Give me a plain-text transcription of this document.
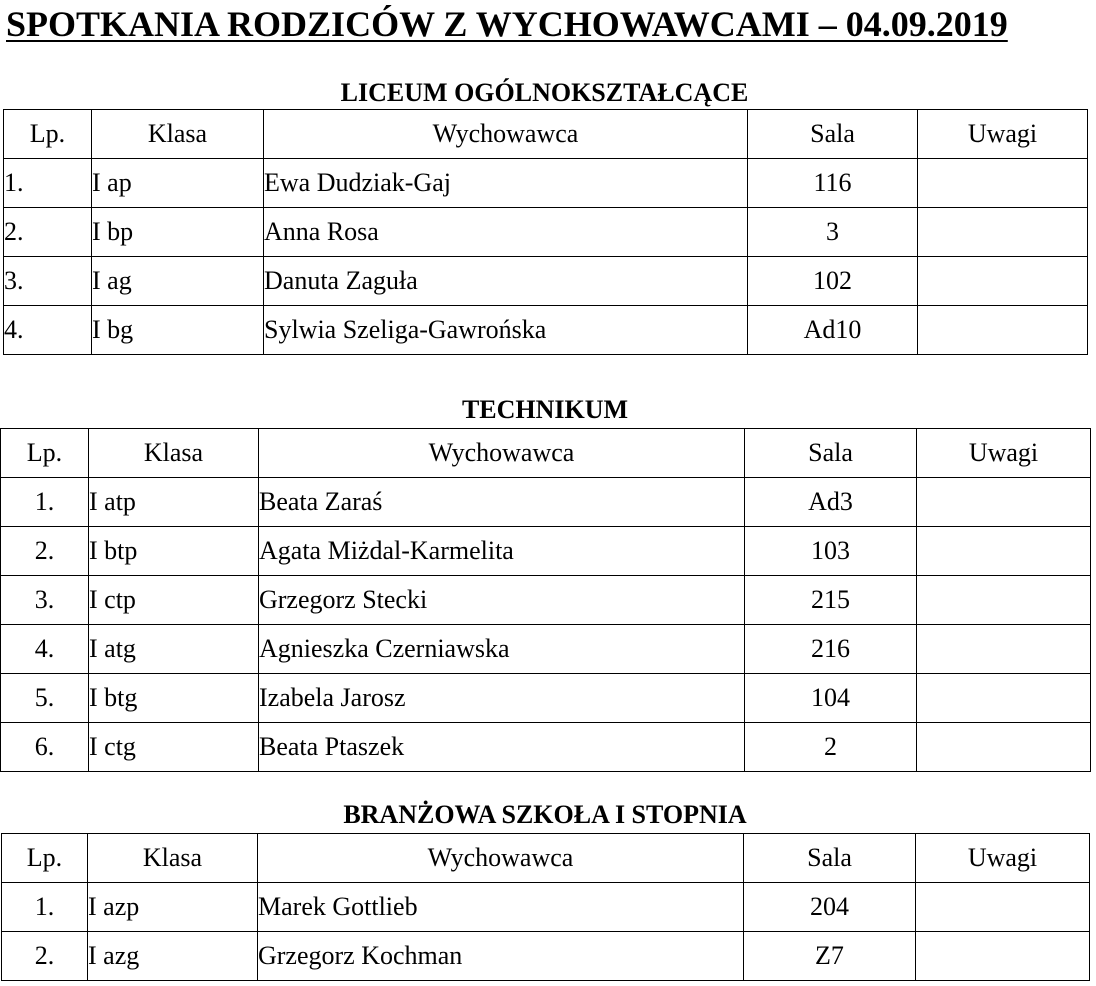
SPOTKANIA RODZICÓW Z WYCHOWAWCAMI – 04.09.2019
LICEUM OGÓLNOKSZTAŁCĄCE
Lp.	Klasa	Wychowawca	Sala	Uwagi
1.	I ap	Ewa Dudziak-Gaj	116	
2.	I bp	Anna Rosa	3	
3.	I ag	Danuta Zaguła	102	
4.	I bg	Sylwia Szeliga-Gawrońska	Ad10	
TECHNIKUM
Lp.	Klasa	Wychowawca	Sala	Uwagi
1.	I atp	Beata Zaraś	Ad3	
2.	I btp	Agata Miżdal-Karmelita	103	
3.	I ctp	Grzegorz Stecki	215	
4.	I atg	Agnieszka Czerniawska	216	
5.	I btg	Izabela Jarosz	104	
6.	I ctg	Beata Ptaszek	2	
BRANŻOWA SZKOŁA I STOPNIA
Lp.	Klasa	Wychowawca	Sala	Uwagi
1.	I azp	Marek Gottlieb	204	
2.	I azg	Grzegorz Kochman	Z7	
